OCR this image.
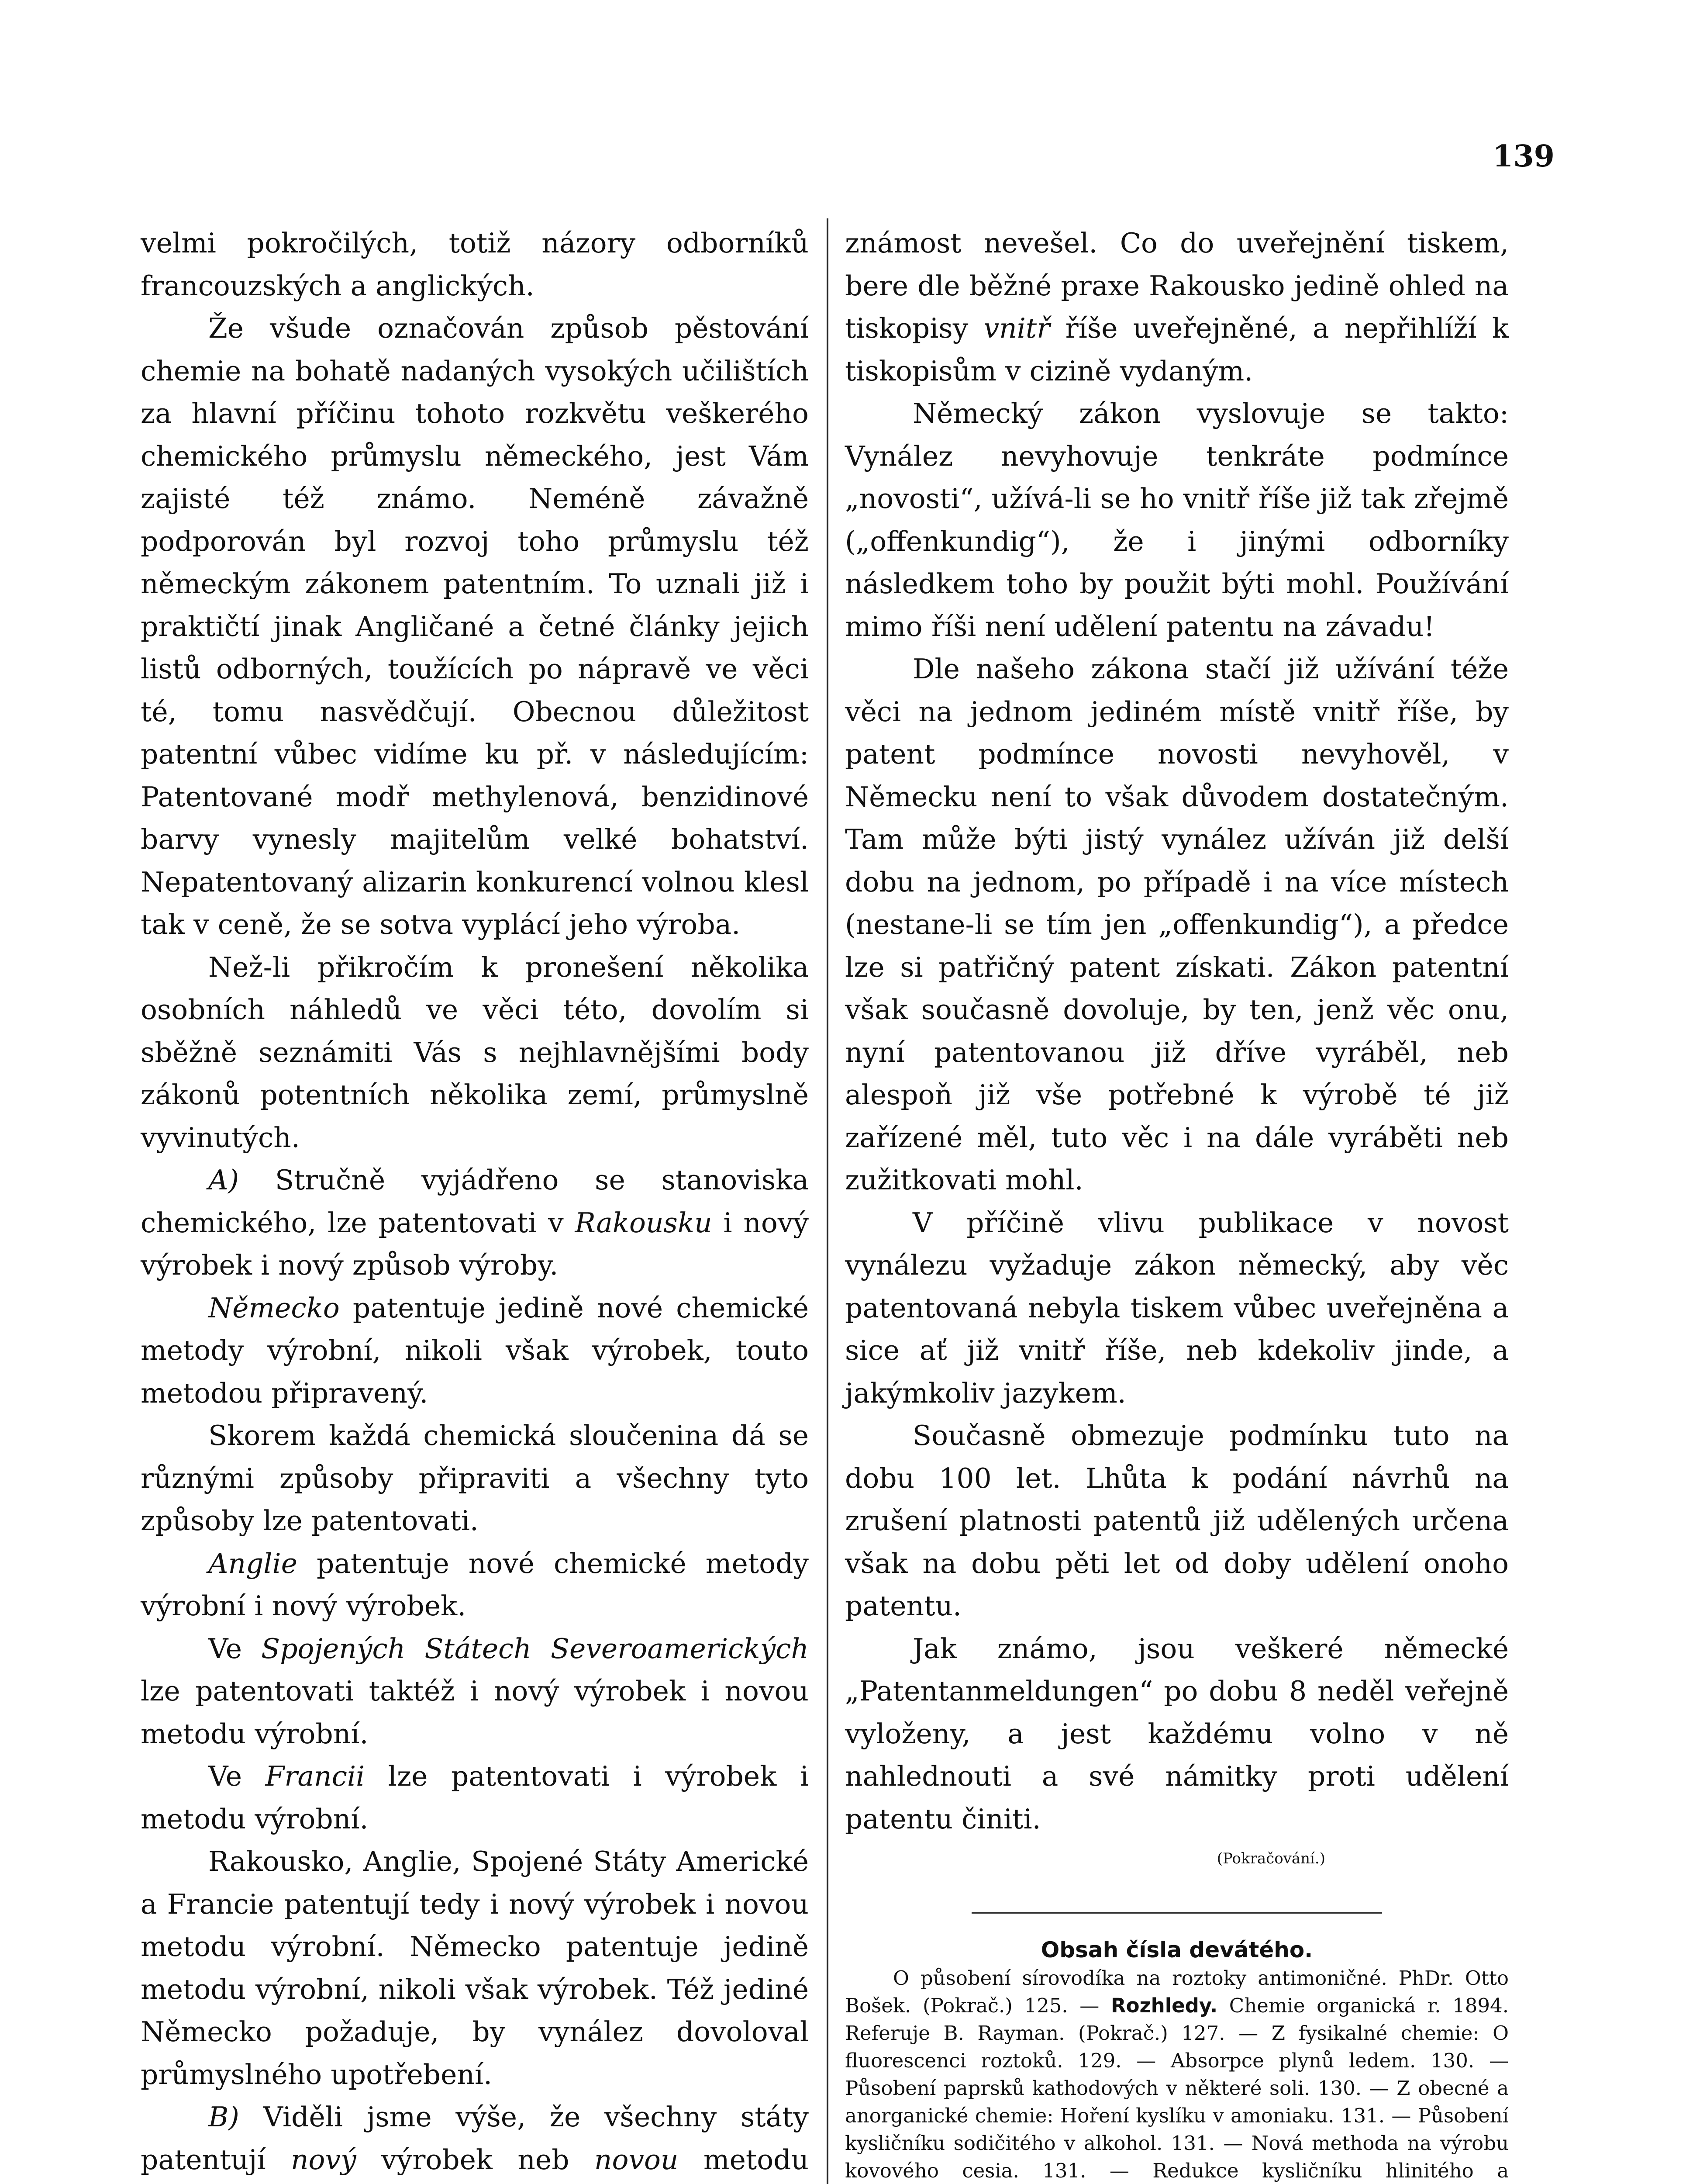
139

velmi pokročilých, totiž názory odborníků francouzských a anglických.

Že všude označován způsob pěstování chemie na bohatě nadaných vysokých učilištích za hlavní příčinu tohoto rozkvětu veškerého chemického průmyslu německého, jest Vám zajisté též známo. Neméně závažně podporován byl rozvoj toho průmyslu též německým zákonem patentním. To uznali již i praktičtí jinak Angličané a četné články jejich listů odborných, toužících po nápravě ve věci té, tomu nasvědčují. Obecnou důležitost patentní vůbec vidíme ku př. v následujícím: Patentované modř methylenová, benzidinové barvy vynesly majitelům velké bohatství. Nepatentovaný alizarin konkurencí volnou klesl tak v ceně, že se sotva vyplácí jeho výroba.

Než-li přikročím k pronešení několika osobních náhledů ve věci této, dovolím si sběžně seznámiti Vás s nejhlavnějšími body zákonů potentních několika zemí, průmyslně vyvinutých.

A) Stručně vyjádřeno se stanoviska chemického, lze patentovati v Rakousku i nový výrobek i nový způsob výroby.

Německo patentuje jedině nové chemické metody výrobní, nikoli však výrobek, touto metodou připravený.

Skorem každá chemická sloučenina dá se různými způsoby připraviti a všechny tyto způsoby lze patentovati.

Anglie patentuje nové chemické metody výrobní i nový výrobek.

Ve Spojených Státech Severoamerických lze patentovati taktéž i nový výrobek i novou metodu výrobní.

Ve Francii lze patentovati i výrobek i metodu výrobní.

Rakousko, Anglie, Spojené Státy Americké a Francie patentují tedy i nový výrobek i novou metodu výrobní. Německo patentuje jedině metodu výrobní, nikoli však výrobek. Též jediné Německo požaduje, by vynález dovoloval průmyslného upotřebení.

B) Viděli jsme výše, že všechny státy patentují nový výrobek neb novou metodu

známost nevešel. Co do uveřejnění tiskem, bere dle běžné praxe Rakousko jedině ohled na tiskopisy vnitř říše uveřejněné, a nepřihlíží k tiskopisům v cizině vydaným.

Německý zákon vyslovuje se takto: Vynález nevyhovuje tenkráte podmínce „novosti“, užívá-li se ho vnitř říše již tak zřejmě („offenkundig“), že i jinými odborníky následkem toho by použit býti mohl. Používání mimo říši není udělení patentu na závadu!

Dle našeho zákona stačí již užívání téže věci na jednom jediném místě vnitř říše, by patent podmínce novosti nevyhověl, v Německu není to však důvodem dostatečným. Tam může býti jistý vynález užíván již delší dobu na jednom, po případě i na více místech (nestane-li se tím jen „offenkundig“), a předce lze si patřičný patent získati. Zákon patentní však současně dovoluje, by ten, jenž věc onu, nyní patentovanou již dříve vyráběl, neb alespoň již vše potřebné k výrobě té již zařízené měl, tuto věc i na dále vyráběti neb zužitkovati mohl.

V příčině vlivu publikace v novost vynálezu vyžaduje zákon německý, aby věc patentovaná nebyla tiskem vůbec uveřejněna a sice ať již vnitř říše, neb kdekoliv jinde, a jakýmkoliv jazykem.

Současně obmezuje podmínku tuto na dobu 100 let. Lhůta k podání návrhů na zrušení platnosti patentů již udělených určena však na dobu pěti let od doby udělení onoho patentu.

Jak známo, jsou veškeré německé „Patentanmeldungen“ po dobu 8 neděl veřejně vyloženy, a jest každému volno v ně nahlednouti a své námitky proti udělení patentu činiti.

(Pokračování.)

Obsah čísla devátého.

O působení sírovodíka na roztoky antimoničné. PhDr. Otto Bošek. (Pokrač.) 125. — Rozhledy. Chemie organická r. 1894. Referuje B. Rayman. (Pokrač.) 127. — Z fysikalné chemie: O fluorescenci roztoků. 129. — Absorpce plynů ledem. 130. — Působení paprsků kathodových v některé soli. 130. — Z obecné a anorganické chemie: Hoření kyslíku v amoniaku. 131. — Působení kysličníku sodičitého v alkohol. 131. — Nová methoda na výrobu kovového cesia. 131. — Redukce kysličníku hlinitého a
